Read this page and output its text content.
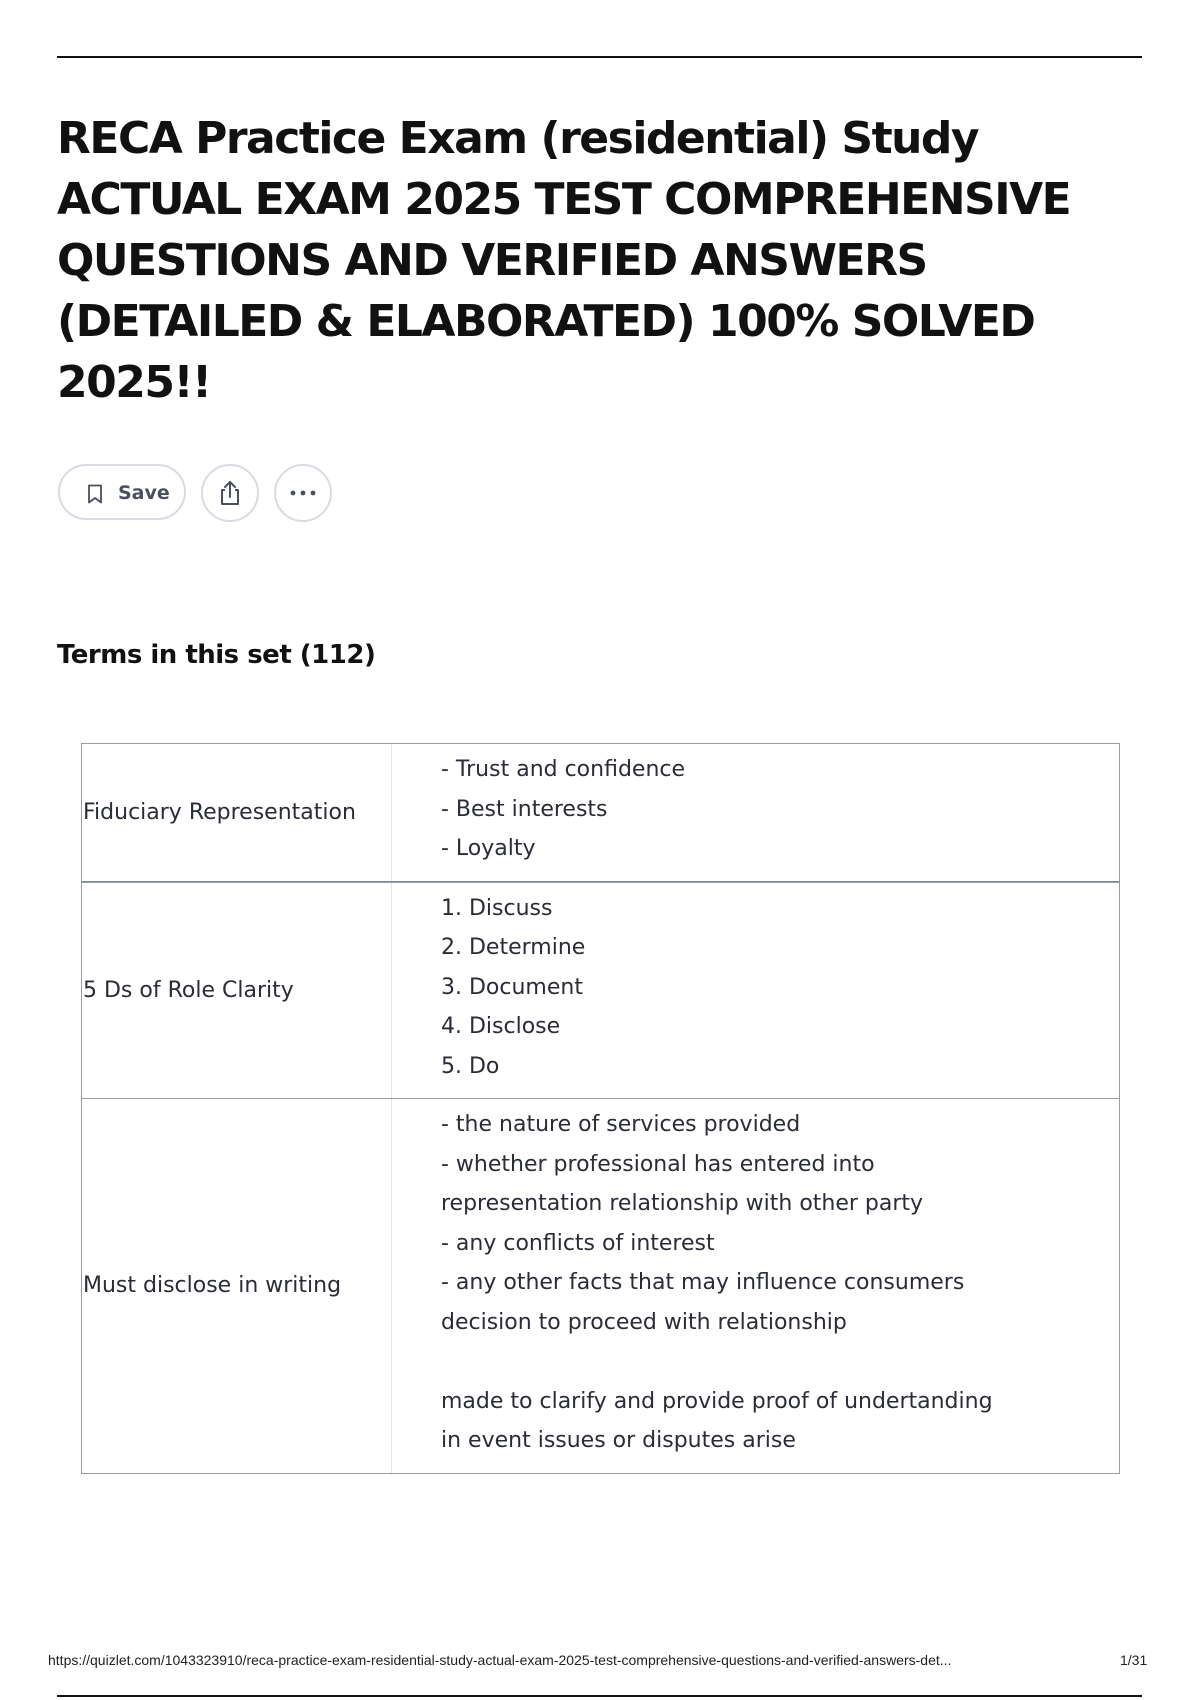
RECA Practice Exam (residential) Study ACTUAL EXAM 2025 TEST COMPREHENSIVE QUESTIONS AND VERIFIED ANSWERS (DETAILED & ELABORATED) 100% SOLVED 2025!!
Save
Terms in this set (112)
Fiduciary Representation
- Trust and confidence
- Best interests
- Loyalty
5 Ds of Role Clarity
1. Discuss
2. Determine
3. Document
4. Disclose
5. Do
Must disclose in writing
- the nature of services provided
- whether professional has entered into
representation relationship with other party
- any conflicts of interest
- any other facts that may influence consumers
decision to proceed with relationship
made to clarify and provide proof of undertanding
in event issues or disputes arise
https://quizlet.com/1043323910/reca-practice-exam-residential-study-actual-exam-2025-test-comprehensive-questions-and-verified-answers-det...	1/31
